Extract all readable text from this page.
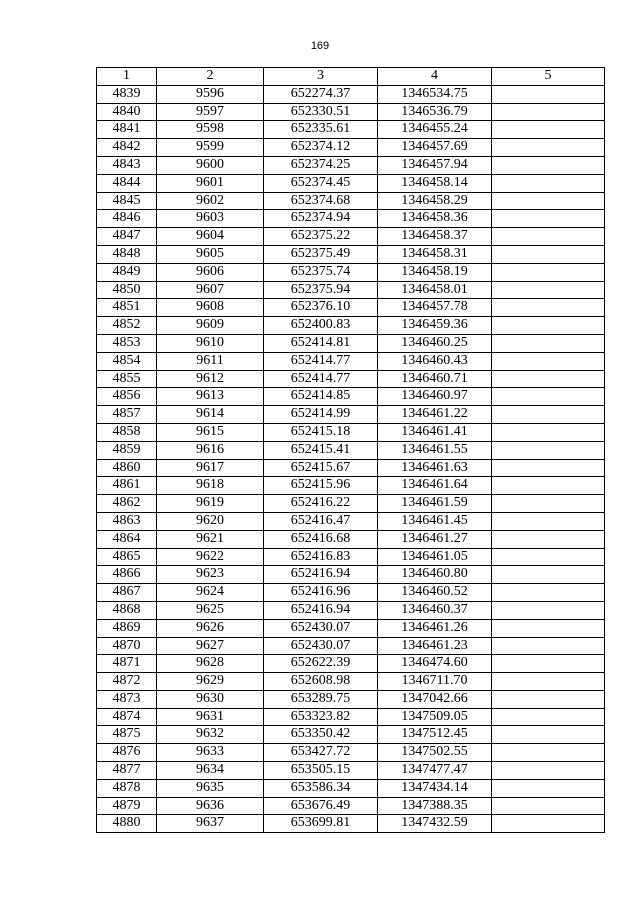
169
1	2	3	4	5
4839	9596	652274.37	1346534.75	
4840	9597	652330.51	1346536.79	
4841	9598	652335.61	1346455.24	
4842	9599	652374.12	1346457.69	
4843	9600	652374.25	1346457.94	
4844	9601	652374.45	1346458.14	
4845	9602	652374.68	1346458.29	
4846	9603	652374.94	1346458.36	
4847	9604	652375.22	1346458.37	
4848	9605	652375.49	1346458.31	
4849	9606	652375.74	1346458.19	
4850	9607	652375.94	1346458.01	
4851	9608	652376.10	1346457.78	
4852	9609	652400.83	1346459.36	
4853	9610	652414.81	1346460.25	
4854	9611	652414.77	1346460.43	
4855	9612	652414.77	1346460.71	
4856	9613	652414.85	1346460.97	
4857	9614	652414.99	1346461.22	
4858	9615	652415.18	1346461.41	
4859	9616	652415.41	1346461.55	
4860	9617	652415.67	1346461.63	
4861	9618	652415.96	1346461.64	
4862	9619	652416.22	1346461.59	
4863	9620	652416.47	1346461.45	
4864	9621	652416.68	1346461.27	
4865	9622	652416.83	1346461.05	
4866	9623	652416.94	1346460.80	
4867	9624	652416.96	1346460.52	
4868	9625	652416.94	1346460.37	
4869	9626	652430.07	1346461.26	
4870	9627	652430.07	1346461.23	
4871	9628	652622.39	1346474.60	
4872	9629	652608.98	1346711.70	
4873	9630	653289.75	1347042.66	
4874	9631	653323.82	1347509.05	
4875	9632	653350.42	1347512.45	
4876	9633	653427.72	1347502.55	
4877	9634	653505.15	1347477.47	
4878	9635	653586.34	1347434.14	
4879	9636	653676.49	1347388.35	
4880	9637	653699.81	1347432.59	
